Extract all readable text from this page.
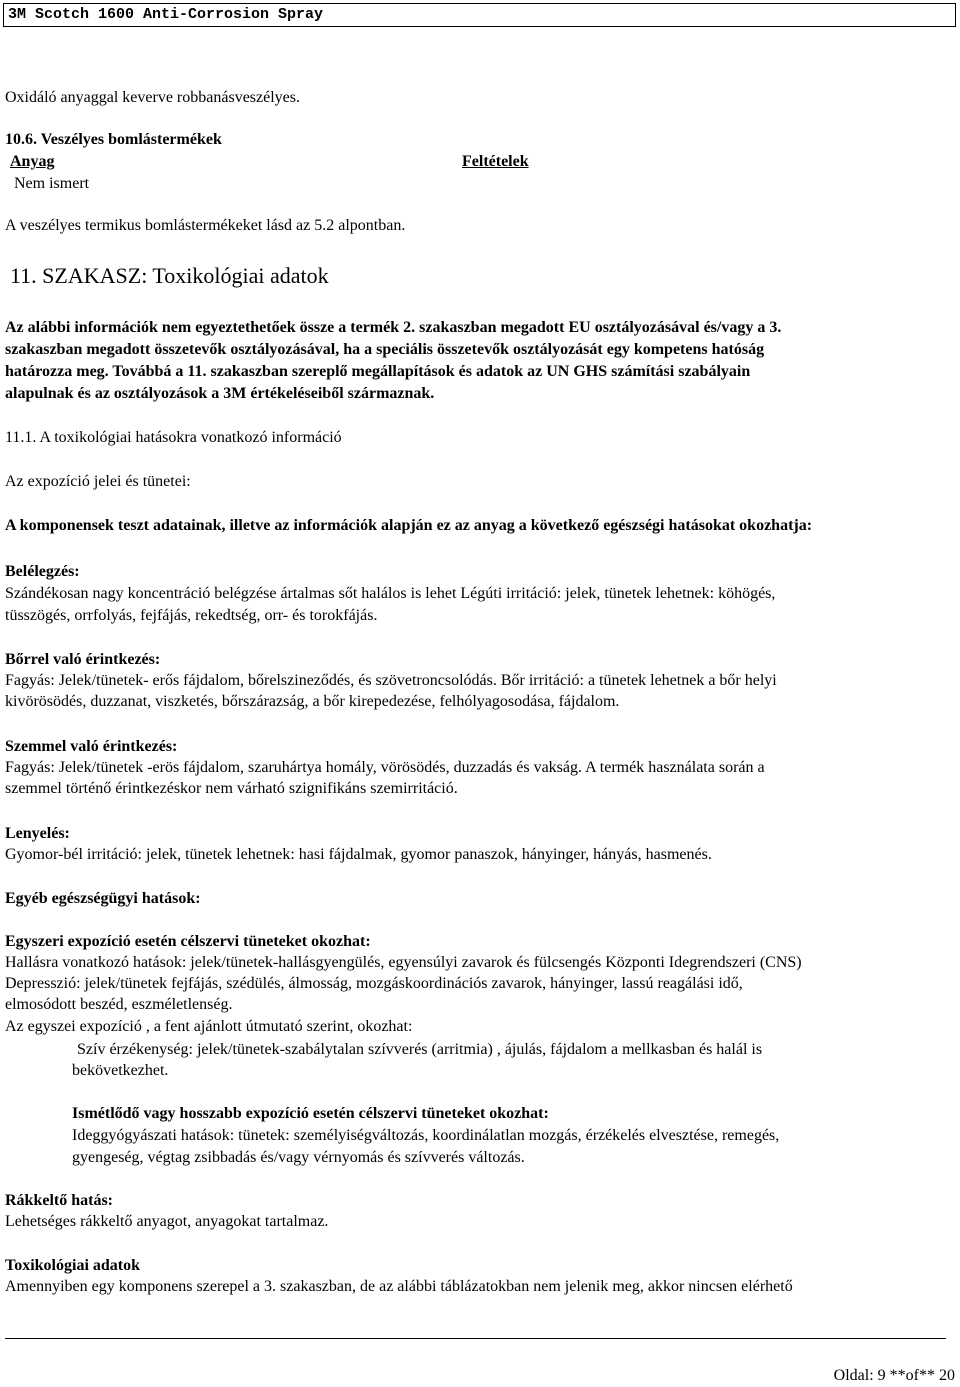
3M Scotch 1600 Anti-Corrosion Spray
Oxidáló anyaggal keverve robbanásveszélyes.
10.6. Veszélyes bomlástermékek
Anyag	Feltételek
Nem ismert
A veszélyes termikus bomlástermékeket lásd az 5.2 alpontban.
11. SZAKASZ: Toxikológiai adatok
Az alábbi információk nem egyeztethetőek össze a termék 2. szakaszban megadott EU osztályozásával és/vagy a 3.
szakaszban megadott összetevők osztályozásával, ha a speciális összetevők osztályozását egy kompetens hatóság
határozza meg. Továbbá a 11. szakaszban szereplő megállapítások és adatok az UN GHS számítási szabályain
alapulnak és az osztályozások a 3M értékeléseiből származnak.
11.1. A toxikológiai hatásokra vonatkozó információ
Az expozíció jelei és tünetei:
A komponensek teszt adatainak, illetve az információk alapján ez az anyag a következő egészségi hatásokat okozhatja:
Belélegzés:
Szándékosan nagy koncentráció belégzése ártalmas sőt halálos is lehet Légúti irritáció: jelek, tünetek lehetnek: köhögés,
tüsszögés, orrfolyás, fejfájás, rekedtség, orr- és torokfájás.
Bőrrel való érintkezés:
Fagyás: Jelek/tünetek- erős fájdalom, bőrelszineződés, és szövetroncsolódás. Bőr irritáció: a tünetek lehetnek a bőr helyi
kivörösödés, duzzanat, viszketés, bőrszárazság, a bőr kirepedezése, felhólyagosodása, fájdalom.
Szemmel való érintkezés:
Fagyás: Jelek/tünetek -erös fájdalom, szaruhártya homály, vörösödés, duzzadás és vakság. A termék használata során a
szemmel történő érintkezéskor nem várható szignifikáns szemirritáció.
Lenyelés:
Gyomor-bél irritáció: jelek, tünetek lehetnek: hasi fájdalmak, gyomor panaszok, hányinger, hányás, hasmenés.
Egyéb egészségügyi hatások:
Egyszeri expozíció esetén célszervi tüneteket okozhat:
Hallásra vonatkozó hatások: jelek/tünetek-hallásgyengülés, egyensúlyi zavarok és fülcsengés Központi Idegrendszeri (CNS)
Depresszió: jelek/tünetek fejfájás, szédülés, álmosság, mozgáskoordinációs zavarok, hányinger, lassú reagálási idő,
elmosódott beszéd, eszméletlenség.
Az egyszei expozíció , a fent ajánlott útmutató szerint, okozhat:
Szív érzékenység: jelek/tünetek-szabálytalan szívverés (arritmia) , ájulás, fájdalom a mellkasban és halál is
bekövetkezhet.
Ismétlődő vagy hosszabb expozíció esetén célszervi tüneteket okozhat:
Ideggyógyászati hatások: tünetek: személyiségváltozás, koordinálatlan mozgás, érzékelés elvesztése, remegés,
gyengeség, végtag zsibbadás és/vagy vérnyomás és szívverés változás.
Rákkeltő hatás:
Lehetséges rákkeltő anyagot, anyagokat tartalmaz.
Toxikológiai adatok
Amennyiben egy komponens szerepel a 3. szakaszban, de az alábbi táblázatokban nem jelenik meg, akkor nincsen elérhető
Oldal: 9 **of** 20
